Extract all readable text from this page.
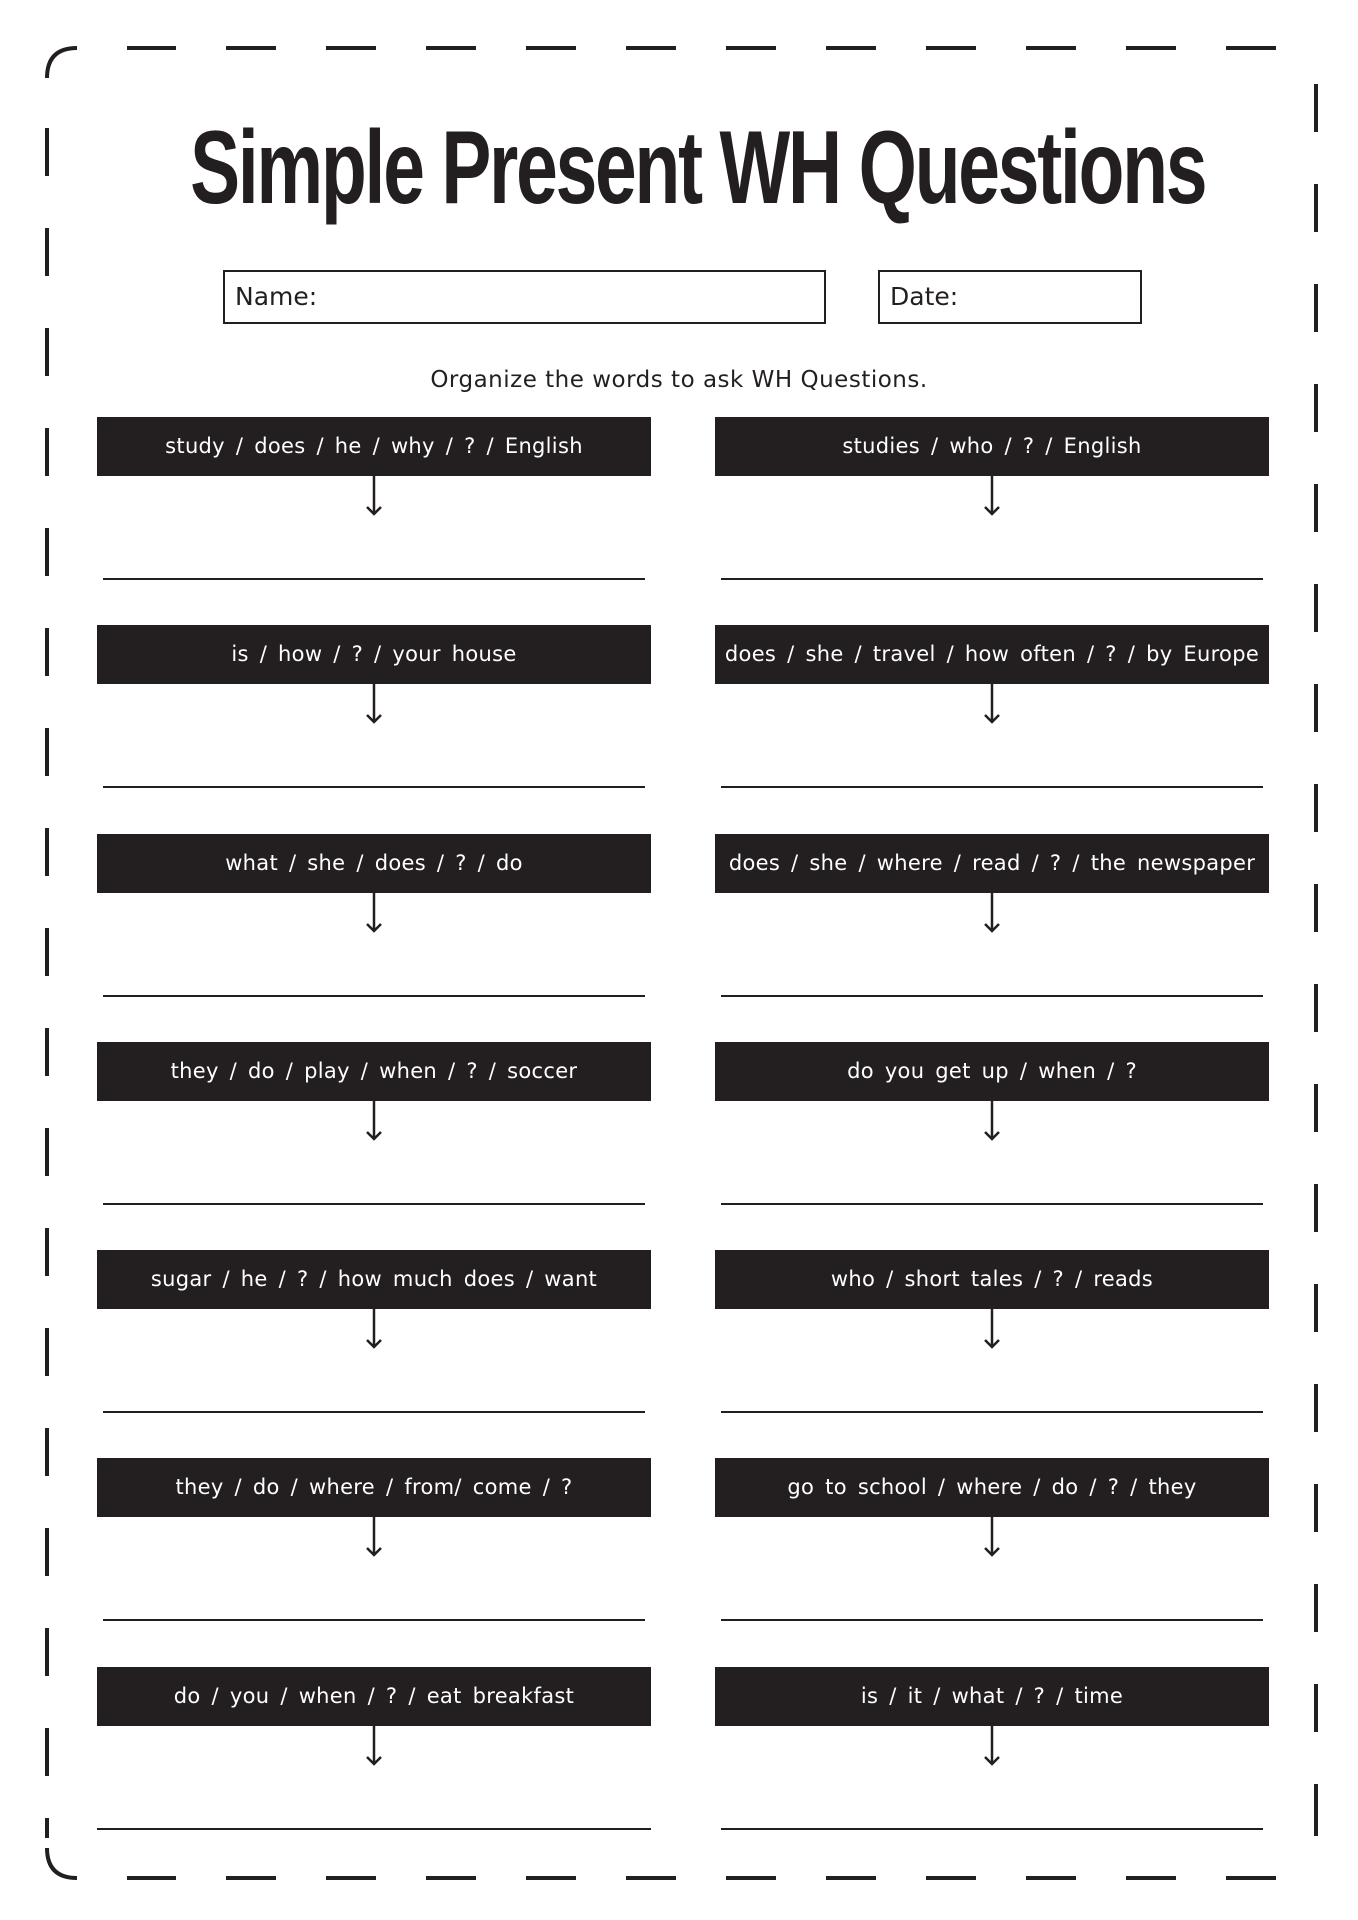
Simple Present WH Questions
Name:	Date:
Organize the words to ask WH Questions.
study / does / he / why / ? / English	studies / who / ? / English
is / how / ? / your house	does / she / travel / how often / ? / by Europe
what / she / does / ? / do	does / she / where / read / ? / the newspaper
they / do / play / when / ? / soccer	do you get up / when / ?
sugar / he / ? / how much does / want	who / short tales / ? / reads
they / do / where / from/ come / ?	go to school / where / do / ? / they
do / you / when / ? / eat breakfast	is / it / what / ? / time
